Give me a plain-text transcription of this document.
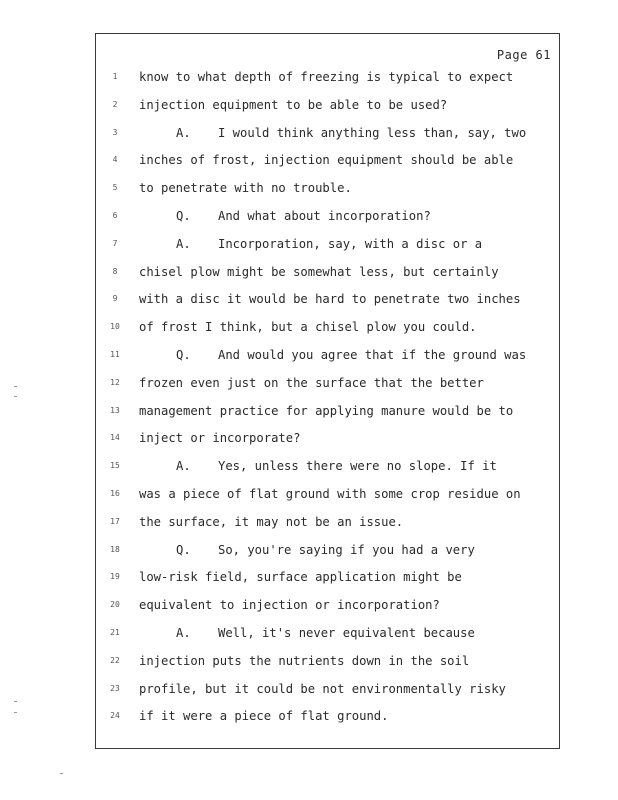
Page 61
1 know to what depth of freezing is typical to expect
2 injection equipment to be able to be used?
3	A. I would think anything less than, say, two
4 inches of frost, injection equipment should be able
5 to penetrate with no trouble.
6	Q. And what about incorporation?
7	A. Incorporation, say, with a disc or a
8 chisel plow might be somewhat less, but certainly
9 with a disc it would be hard to penetrate two inches
10 of frost I think, but a chisel plow you could.
11	Q. And would you agree that if the ground was
12 frozen even just on the surface that the better
13 management practice for applying manure would be to
14 inject or incorporate?
15	A. Yes, unless there were no slope. If it
16 was a piece of flat ground with some crop residue on
17 the surface, it may not be an issue.
18	Q. So, you're saying if you had a very
19 low-risk field, surface application might be
20 equivalent to injection or incorporation?
21	A. Well, it's never equivalent because
22 injection puts the nutrients down in the soil
23 profile, but it could be not environmentally risky
24 if it were a piece of flat ground.
